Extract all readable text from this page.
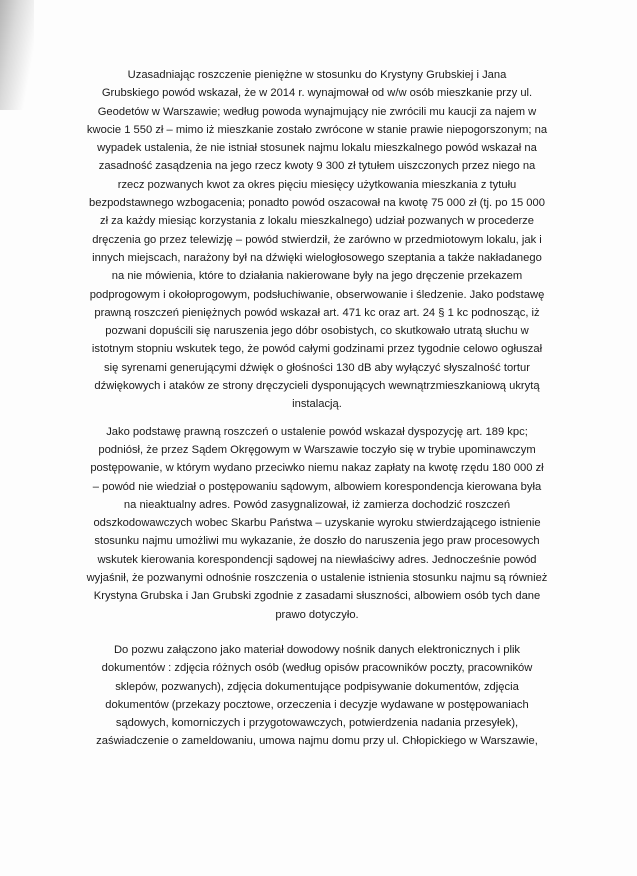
Uzasadniając roszczenie pieniężne w stosunku do Krystyny Grubskiej i Jana
Grubskiego powód wskazał, że w 2014 r. wynajmował od w/w osób mieszkanie przy ul.
Geodetów w Warszawie; według powoda wynajmujący nie zwrócili mu kaucji za najem w
kwocie 1 550 zł – mimo iż mieszkanie zostało zwrócone w stanie prawie niepogorszonym; na
wypadek ustalenia, że nie istniał stosunek najmu lokalu mieszkalnego powód wskazał na
zasadność zasądzenia na jego rzecz kwoty 9 300 zł tytułem uiszczonych przez niego na
rzecz pozwanych kwot za okres pięciu miesięcy użytkowania mieszkania z tytułu
bezpodstawnego wzbogacenia; ponadto powód oszacował na kwotę 75 000 zł (tj. po 15 000
zł za każdy miesiąc korzystania z lokalu mieszkalnego) udział pozwanych w procederze
dręczenia go przez telewizję – powód stwierdził, że zarówno w przedmiotowym lokalu, jak i
innych miejscach, narażony był na dźwięki wielogłosowego szeptania a także nakładanego
na nie mówienia, które to działania nakierowane były na jego dręczenie przekazem
podprogowym i okołoprogowym, podsłuchiwanie, obserwowanie i śledzenie. Jako podstawę
prawną roszczeń pieniężnych powód wskazał art. 471 kc oraz art. 24 § 1 kc podnosząc, iż
pozwani dopuścili się naruszenia jego dóbr osobistych, co skutkowało utratą słuchu w
istotnym stopniu wskutek tego, że powód całymi godzinami przez tygodnie celowo ogłuszał
się syrenami generującymi dźwięk o głośności 130 dB aby wyłączyć słyszalność tortur
dźwiękowych i ataków ze strony dręczycieli dysponujących wewnątrzmieszkaniową ukrytą
instalacją.
Jako podstawę prawną roszczeń o ustalenie powód wskazał dyspozycję art. 189 kpc;
podniósł, że przez Sądem Okręgowym w Warszawie toczyło się w trybie upominawczym
postępowanie, w którym wydano przeciwko niemu nakaz zapłaty na kwotę rzędu 180 000 zł
– powód nie wiedział o postępowaniu sądowym, albowiem korespondencja kierowana była
na nieaktualny adres. Powód zasygnalizował, iż zamierza dochodzić roszczeń
odszkodowawczych wobec Skarbu Państwa – uzyskanie wyroku stwierdzającego istnienie
stosunku najmu umożliwi mu wykazanie, że doszło do naruszenia jego praw procesowych
wskutek kierowania korespondencji sądowej na niewłaściwy adres. Jednocześnie powód
wyjaśnił, że pozwanymi odnośnie roszczenia o ustalenie istnienia stosunku najmu są również
Krystyna Grubska i Jan Grubski zgodnie z zasadami słuszności, albowiem osób tych dane
prawo dotyczyło.
Do pozwu załączono jako materiał dowodowy nośnik danych elektronicznych i plik
dokumentów : zdjęcia różnych osób (według opisów pracowników poczty, pracowników
sklepów, pozwanych), zdjęcia dokumentujące podpisywanie dokumentów, zdjęcia
dokumentów (przekazy pocztowe, orzeczenia i decyzje wydawane w postępowaniach
sądowych, komorniczych i przygotowawczych, potwierdzenia nadania przesyłek),
zaświadczenie o zameldowaniu, umowa najmu domu przy ul. Chłopickiego w Warszawie,
